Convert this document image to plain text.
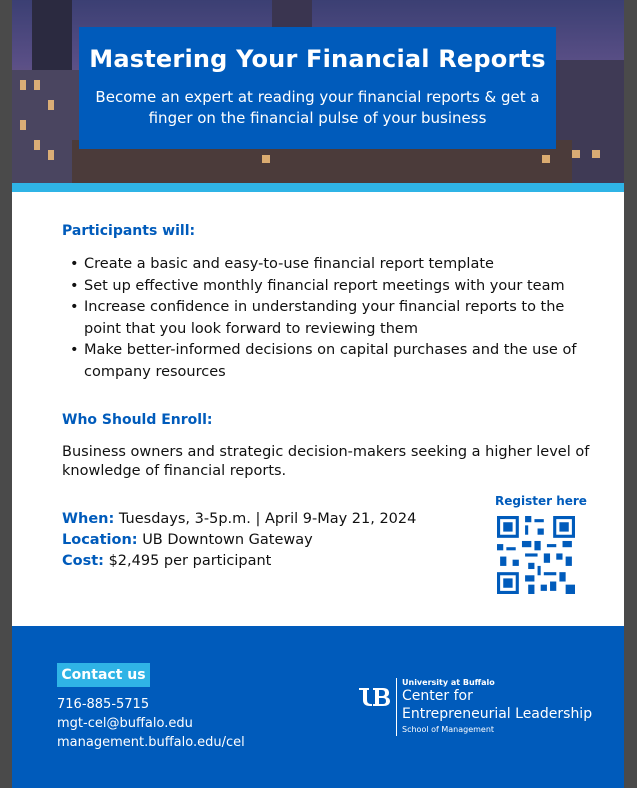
Mastering Your Financial Reports
Become an expert at reading your financial reports & get a finger on the financial pulse of your business
Participants will:
• Create a basic and easy-to-use financial report template
• Set up effective monthly financial report meetings with your team
• Increase confidence in understanding your financial reports to the point that you look forward to reviewing them
• Make better-informed decisions on capital purchases and the use of company resources
Who Should Enroll:
Business owners and strategic decision-makers seeking a higher level of knowledge of financial reports.
When: Tuesdays, 3-5p.m. | April 9-May 21, 2024
Location: UB Downtown Gateway
Cost: $2,495 per participant
Register here
Contact us
716-885-5715
mgt-cel@buffalo.edu
management.buffalo.edu/cel
University at Buffalo
Center for
Entrepreneurial Leadership
School of Management
